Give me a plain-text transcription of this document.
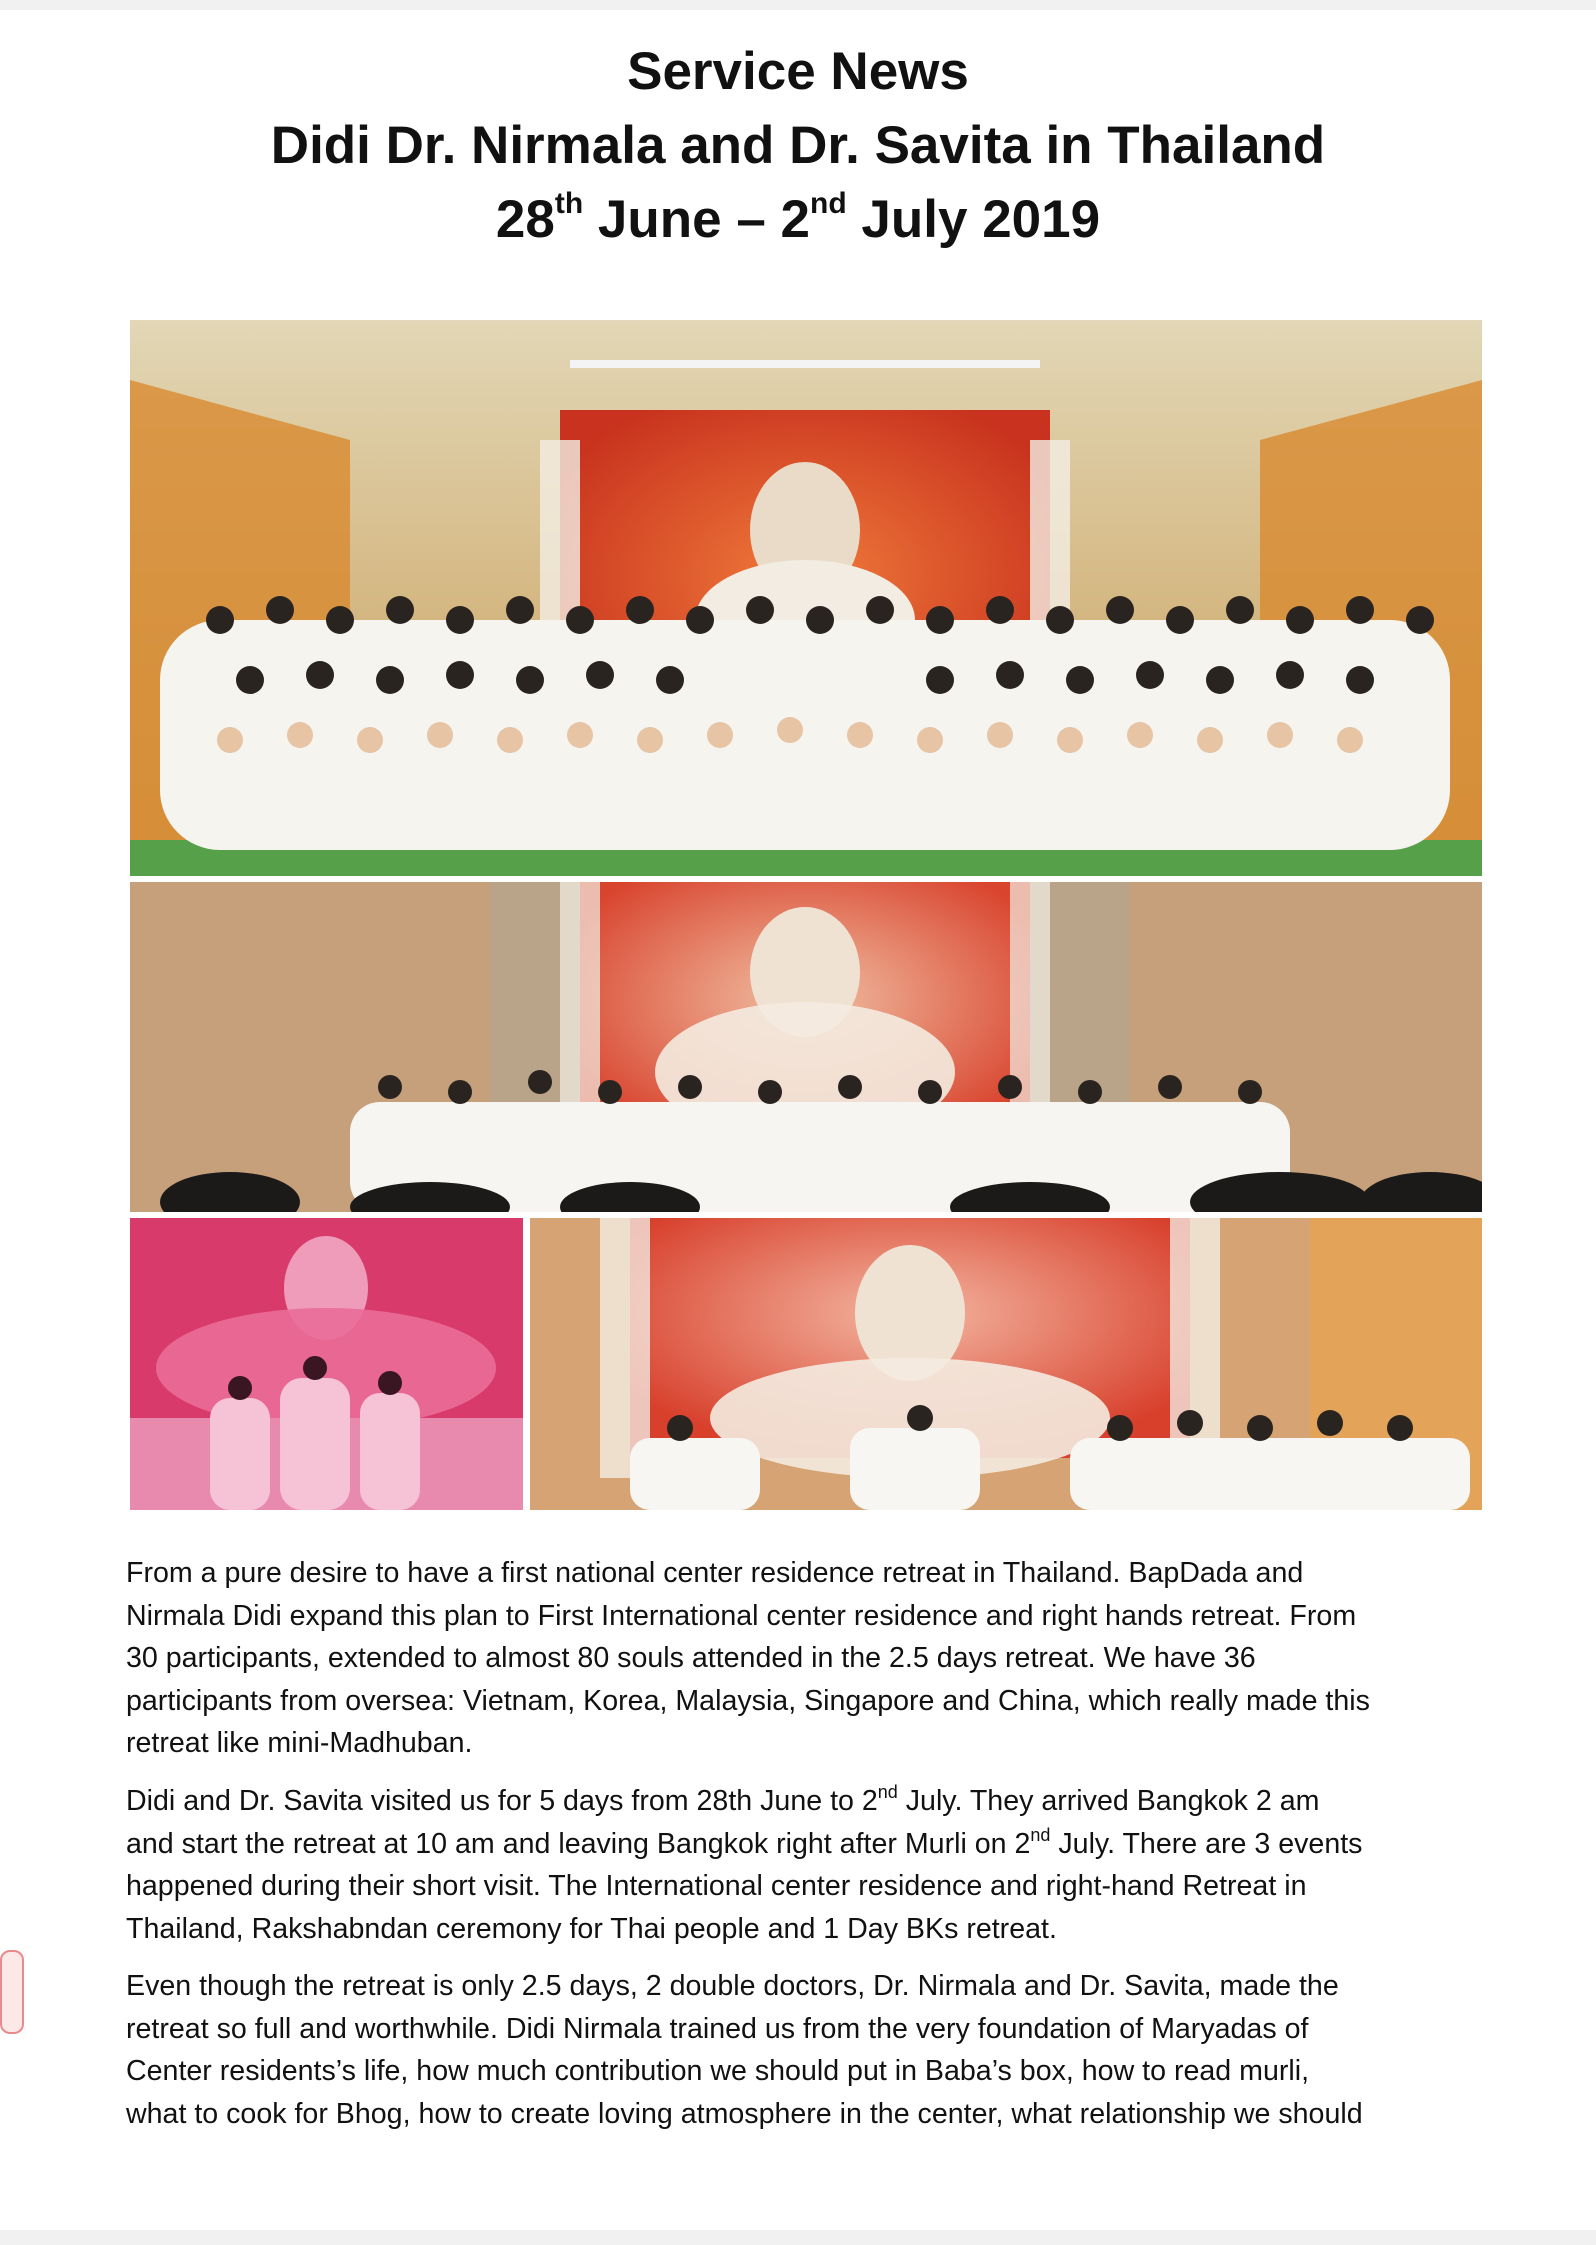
Service News
Didi Dr. Nirmala and Dr. Savita in Thailand
28th June – 2nd July 2019
From a pure desire to have a first national center residence retreat in Thailand. BapDada and
Nirmala Didi expand this plan to First International center residence and right hands retreat. From
30 participants, extended to almost 80 souls attended in the 2.5 days retreat. We have 36
participants from oversea: Vietnam, Korea, Malaysia, Singapore and China, which really made this
retreat like mini-Madhuban.
Didi and Dr. Savita visited us for 5 days from 28th June to 2nd July. They arrived Bangkok 2 am
and start the retreat at 10 am and leaving Bangkok right after Murli on 2nd July. There are 3 events
happened during their short visit. The International center residence and right-hand Retreat in
Thailand, Rakshabndan ceremony for Thai people and 1 Day BKs retreat.
Even though the retreat is only 2.5 days, 2 double doctors, Dr. Nirmala and Dr. Savita, made the
retreat so full and worthwhile. Didi Nirmala trained us from the very foundation of Maryadas of
Center residents’s life, how much contribution we should put in Baba’s box, how to read murli,
what to cook for Bhog, how to create loving atmosphere in the center, what relationship we should
